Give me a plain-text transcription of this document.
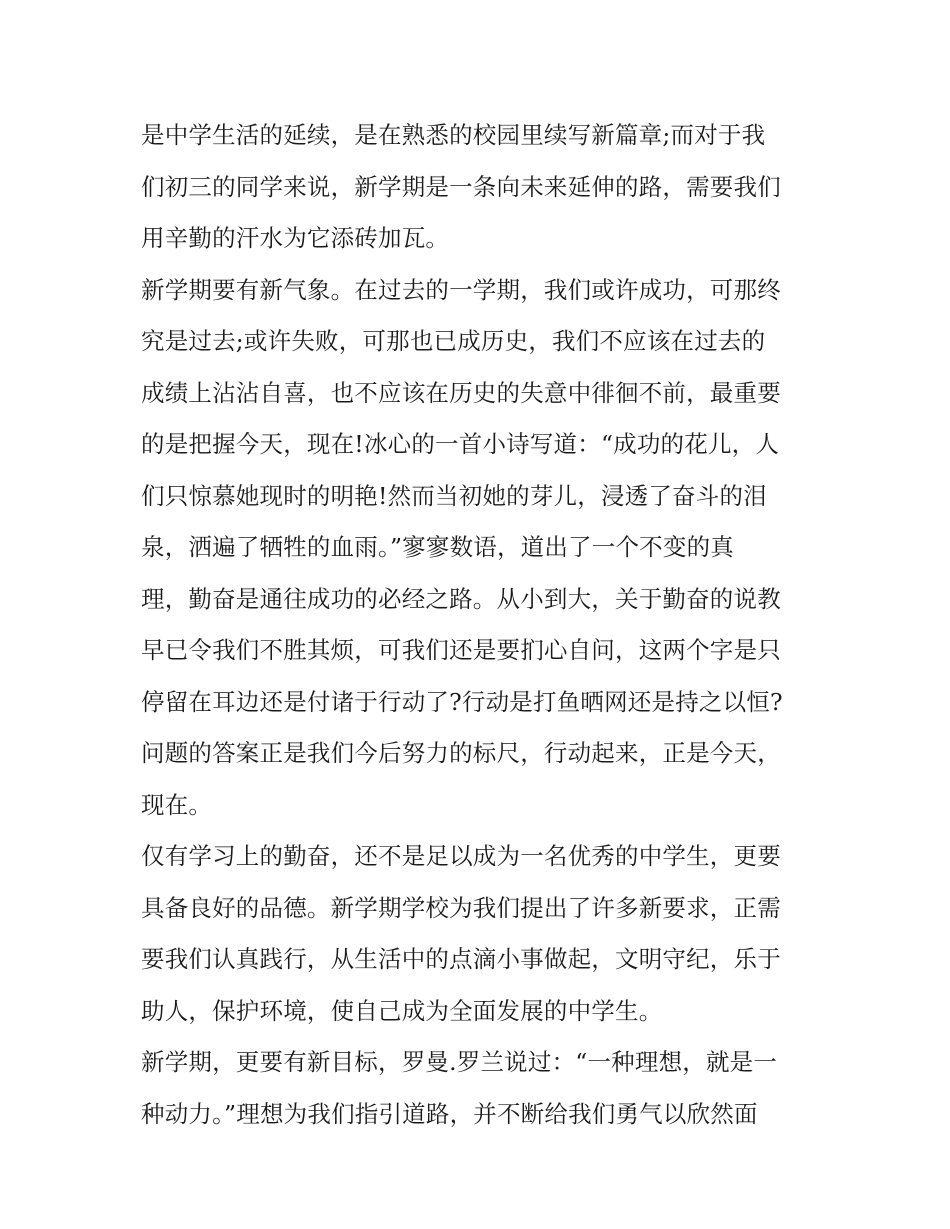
是中学生活的延续，是在熟悉的校园里续写新篇章;而对于我
们初三的同学来说，新学期是一条向未来延伸的路，需要我们
用辛勤的汗水为它添砖加瓦。
新学期要有新气象。在过去的一学期，我们或许成功，可那终
究是过去;或许失败，可那也已成历史，我们不应该在过去的
成绩上沾沾自喜，也不应该在历史的失意中徘徊不前，最重要
的是把握今天，现在!冰心的一首小诗写道：“成功的花儿，人
们只惊慕她现时的明艳!然而当初她的芽儿，浸透了奋斗的泪
泉，洒遍了牺牲的血雨。”寥寥数语，道出了一个不变的真
理，勤奋是通往成功的必经之路。从小到大，关于勤奋的说教
早已令我们不胜其烦，可我们还是要扪心自问，这两个字是只
停留在耳边还是付诸于行动了?行动是打鱼晒网还是持之以恒?
问题的答案正是我们今后努力的标尺，行动起来，正是今天，
现在。
仅有学习上的勤奋，还不是足以成为一名优秀的中学生，更要
具备良好的品德。新学期学校为我们提出了许多新要求，正需
要我们认真践行，从生活中的点滴小事做起，文明守纪，乐于
助人，保护环境，使自己成为全面发展的中学生。
新学期，更要有新目标，罗曼.罗兰说过：“一种理想，就是一
种动力。”理想为我们指引道路，并不断给我们勇气以欣然面
